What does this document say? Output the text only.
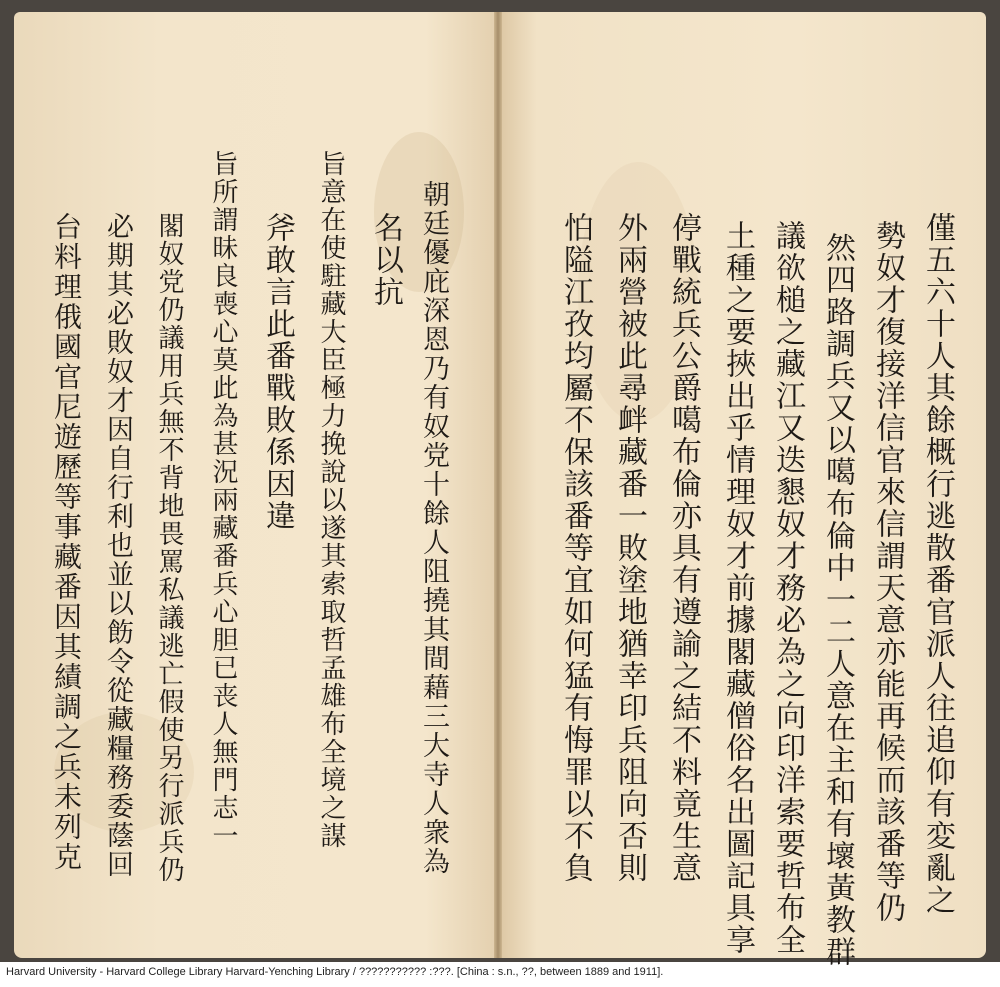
僅五六十人其餘概行逃散番官派人往追仰有変亂之
勢奴才復接洋信官來信謂天意亦能再候而該番等仍
然四路調兵又以噶布倫中一二人意在主和有壞黃教群
議欲槌之藏江又迭懇奴才務必為之向印洋索要哲布全
土種之要挾出乎情理奴才前據閣藏僧俗名出圖記具享
停戰統兵公爵噶布倫亦具有遵諭之結不料竟生意
外兩營被此尋衅藏番一敗塗地猶幸印兵阻向否則
怕隘江孜均屬不保該番等宜如何猛有悔罪以不負
朝廷優庇深恩乃有奴党十餘人阻撓其間藉三大寺人衆為
名以抗
旨意在使駐藏大臣極力挽說以遂其索取哲孟雄布全境之謀
斧敢言此番戰敗係因違
旨所謂昧良喪心莫此為甚況兩藏番兵心胆已丧人無門志一
閣奴党仍議用兵無不背地畏罵私議逃亡假使另行派兵仍
必期其必敗奴才因自行利也並以飭令從藏糧務委蔭回
台料理俄國官尼遊歷等事藏番因其績調之兵未列克
Harvard University - Harvard College Library Harvard-Yenching Library / ??????????? :???. [China : s.n., ??, between 1889 and 1911].
